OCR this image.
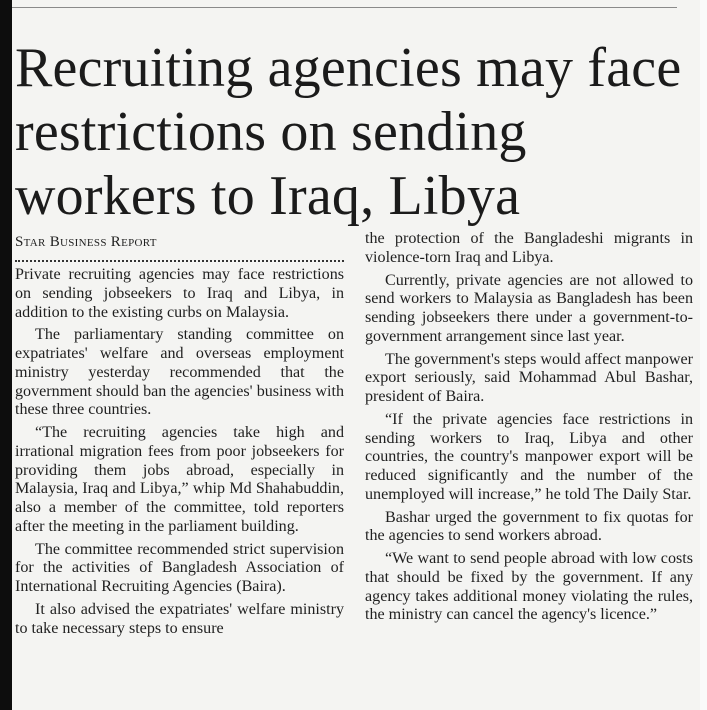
Recruiting agencies may face restrictions on sending workers to Iraq, Libya
Star Business Report

Private recruiting agencies may face restrictions on sending jobseekers to Iraq and Libya, in addition to the existing curbs on Malaysia.

The parliamentary standing committee on expatriates' welfare and overseas employment ministry yesterday recommended that the government should ban the agencies' business with these three countries.

“The recruiting agencies take high and irrational migration fees from poor jobseekers for providing them jobs abroad, especially in Malaysia, Iraq and Libya,” whip Md Shahabuddin, also a member of the committee, told reporters after the meeting in the parliament building.

The committee recommended strict supervision for the activities of Bangladesh Association of International Recruiting Agencies (Baira).

It also advised the expatriates' welfare ministry to take necessary steps to ensure

the protection of the Bangladeshi migrants in violence-torn Iraq and Libya.

Currently, private agencies are not allowed to send workers to Malaysia as Bangladesh has been sending jobseekers there under a government-to-government arrangement since last year.

The government's steps would affect manpower export seriously, said Mohammad Abul Bashar, president of Baira.

“If the private agencies face restrictions in sending workers to Iraq, Libya and other countries, the country's manpower export will be reduced significantly and the number of the unemployed will increase,” he told The Daily Star.

Bashar urged the government to fix quotas for the agencies to send workers abroad.

“We want to send people abroad with low costs that should be fixed by the government. If any agency takes additional money violating the rules, the ministry can cancel the agency's licence.”
